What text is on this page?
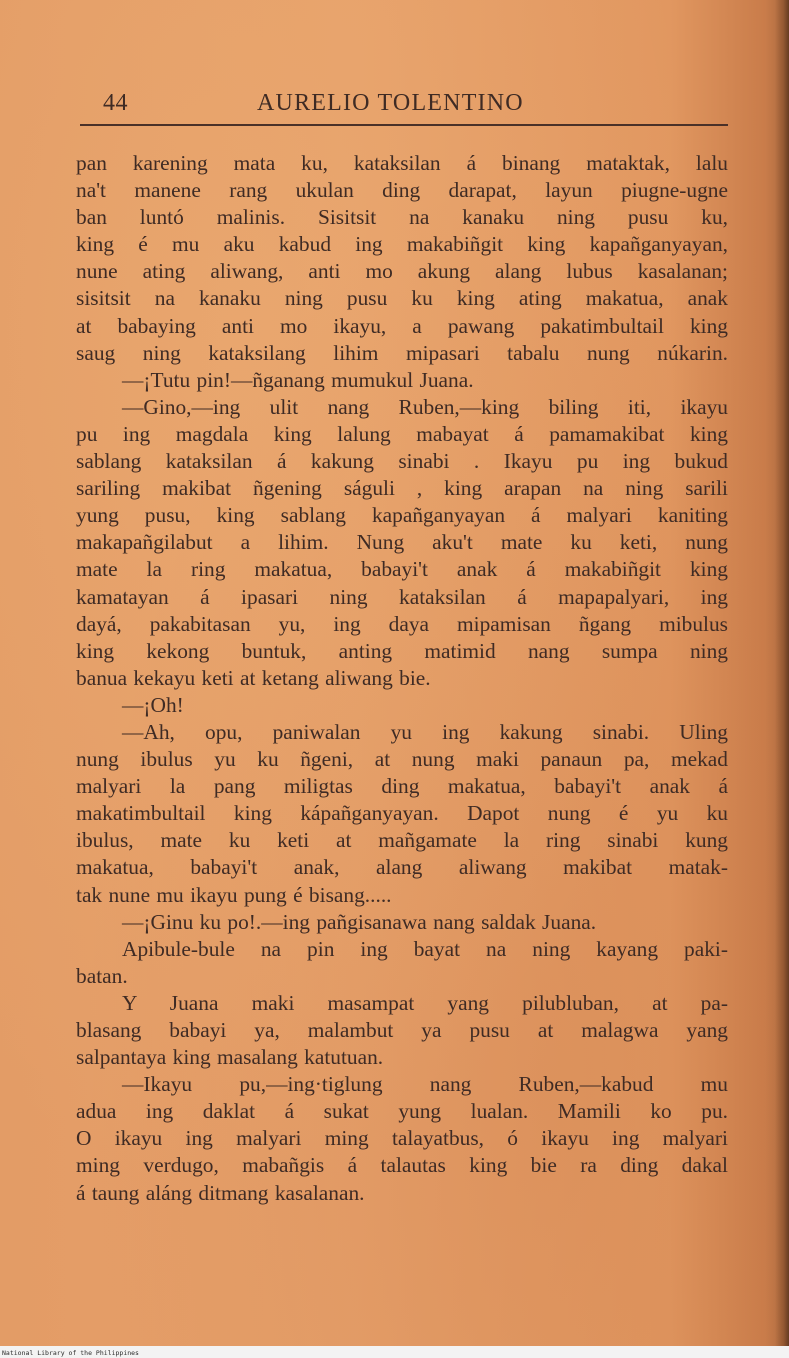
44	AURELIO TOLENTINO
pan karening mata ku, kataksilan á binang mataktak, lalu
na't manene rang ukulan ding darapat, layun piugne-ugne
ban luntó malinis. Sisitsit na kanaku ning pusu ku,
king é mu aku kabud ing makabiñgit king kapañganyayan,
nune ating aliwang, anti mo akung alang lubus kasalanan;
sisitsit na kanaku ning pusu ku king ating makatua, anak
at babaying anti mo ikayu, a pawang pakatimbultail king
saug ning kataksilang lihim mipasari tabalu nung núkarin.
—¡Tutu pin!—ñganang mumukul Juana.
—Gino,—ing ulit nang Ruben,—king biling iti, ikayu
pu ing magdala king lalung mabayat á pamamakibat king
sablang kataksilan á kakung sinabi . Ikayu pu ing bukud
sariling makibat ñgening ságuli , king arapan na ning sarili
yung pusu, king sablang kapañganyayan á malyari kaniting
makapañgilabut a lihim. Nung aku't mate ku keti, nung
mate la ring makatua, babayi't anak á makabiñgit king
kamatayan á ipasari ning kataksilan á mapapalyari, ing
dayá, pakabitasan yu, ing daya mipamisan ñgang mibulus
king kekong buntuk, anting matimid nang sumpa ning
banua kekayu keti at ketang aliwang bie.
—¡Oh!
—Ah, opu, paniwalan yu ing kakung sinabi. Uling
nung ibulus yu ku ñgeni, at nung maki panaun pa, mekad
malyari la pang miligtas ding makatua, babayi't anak á
makatimbultail king kápañganyayan. Dapot nung é yu ku
ibulus, mate ku keti at mañgamate la ring sinabi kung
makatua, babayi't anak, alang aliwang makibat matak-
tak nune mu ikayu pung é bisang.....
—¡Ginu ku po!.—ing pañgisanawa nang saldak Juana.
Apibule-bule na pin ing bayat na ning kayang paki-
batan.
Y Juana maki masampat yang pilubluban, at pa-
blasang babayi ya, malambut ya pusu at malagwa yang
salpantaya king masalang katutuan.
—Ikayu pu,—ing·tiglung nang Ruben,—kabud mu
adua ing daklat á sukat yung lualan. Mamili ko pu.
O ikayu ing malyari ming talayatbus, ó ikayu ing malyari
ming verdugo, mabañgis á talautas king bie ra ding dakal
á taung aláng ditmang kasalanan.
National Library of the Philippines
